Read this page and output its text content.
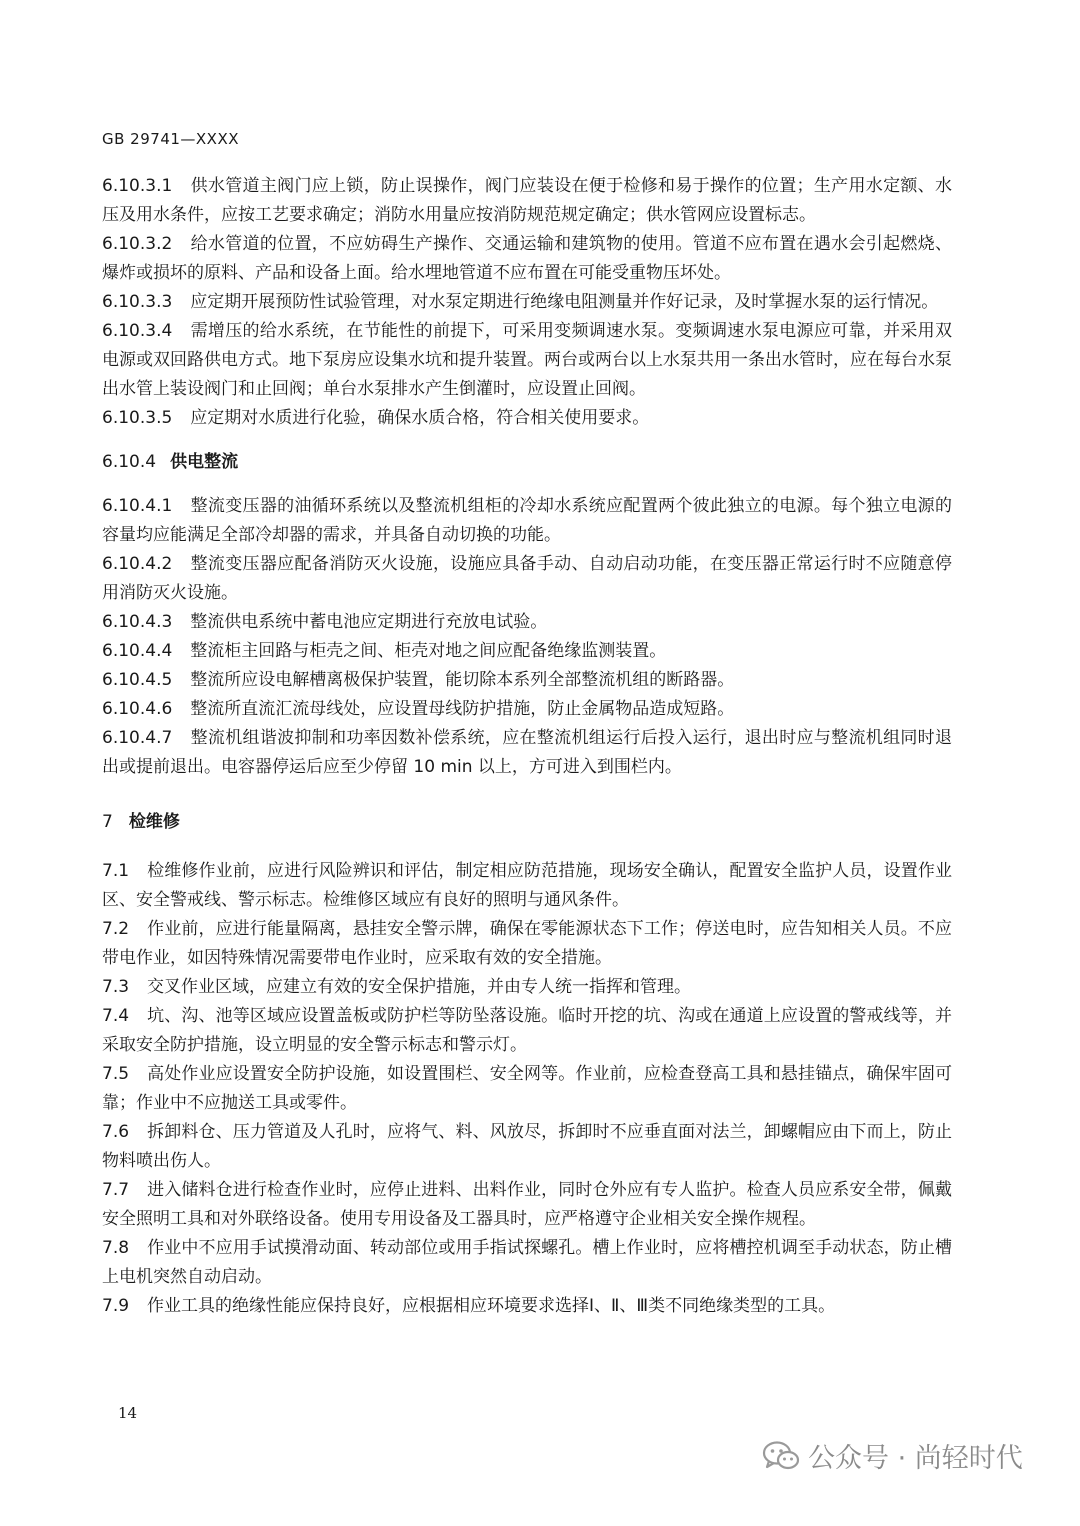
GB 29741—XXXX

6.10.3.1 供水管道主阀门应上锁，防止误操作，阀门应装设在便于检修和易于操作的位置；生产用水定额、水压及用水条件，应按工艺要求确定；消防水用量应按消防规范规定确定；供水管网应设置标志。

6.10.3.2 给水管道的位置，不应妨碍生产操作、交通运输和建筑物的使用。管道不应布置在遇水会引起燃烧、爆炸或损坏的原料、产品和设备上面。给水埋地管道不应布置在可能受重物压坏处。

6.10.3.3 应定期开展预防性试验管理，对水泵定期进行绝缘电阻测量并作好记录，及时掌握水泵的运行情况。

6.10.3.4 需增压的给水系统，在节能性的前提下，可采用变频调速水泵。变频调速水泵电源应可靠，并采用双电源或双回路供电方式。地下泵房应设集水坑和提升装置。两台或两台以上水泵共用一条出水管时，应在每台水泵出水管上装设阀门和止回阀；单台水泵排水产生倒灌时，应设置止回阀。

6.10.3.5 应定期对水质进行化验，确保水质合格，符合相关使用要求。

6.10.4 供电整流

6.10.4.1 整流变压器的油循环系统以及整流机组柜的冷却水系统应配置两个彼此独立的电源。每个独立电源的容量均应能满足全部冷却器的需求，并具备自动切换的功能。

6.10.4.2 整流变压器应配备消防灭火设施，设施应具备手动、自动启动功能，在变压器正常运行时不应随意停用消防灭火设施。

6.10.4.3 整流供电系统中蓄电池应定期进行充放电试验。

6.10.4.4 整流柜主回路与柜壳之间、柜壳对地之间应配备绝缘监测装置。

6.10.4.5 整流所应设电解槽离极保护装置，能切除本系列全部整流机组的断路器。

6.10.4.6 整流所直流汇流母线处，应设置母线防护措施，防止金属物品造成短路。

6.10.4.7 整流机组谐波抑制和功率因数补偿系统，应在整流机组运行后投入运行，退出时应与整流机组同时退出或提前退出。电容器停运后应至少停留 10 min 以上，方可进入到围栏内。

7 检维修

7.1 检维修作业前，应进行风险辨识和评估，制定相应防范措施，现场安全确认，配置安全监护人员，设置作业区、安全警戒线、警示标志。检维修区域应有良好的照明与通风条件。

7.2 作业前，应进行能量隔离，悬挂安全警示牌，确保在零能源状态下工作；停送电时，应告知相关人员。不应带电作业，如因特殊情况需要带电作业时，应采取有效的安全措施。

7.3 交叉作业区域，应建立有效的安全保护措施，并由专人统一指挥和管理。

7.4 坑、沟、池等区域应设置盖板或防护栏等防坠落设施。临时开挖的坑、沟或在通道上应设置的警戒线等，并采取安全防护措施，设立明显的安全警示标志和警示灯。

7.5 高处作业应设置安全防护设施，如设置围栏、安全网等。作业前，应检查登高工具和悬挂锚点，确保牢固可靠；作业中不应抛送工具或零件。

7.6 拆卸料仓、压力管道及人孔时，应将气、料、风放尽，拆卸时不应垂直面对法兰，卸螺帽应由下而上，防止物料喷出伤人。

7.7 进入储料仓进行检查作业时，应停止进料、出料作业，同时仓外应有专人监护。检查人员应系安全带，佩戴安全照明工具和对外联络设备。使用专用设备及工器具时，应严格遵守企业相关安全操作规程。

7.8 作业中不应用手试摸滑动面、转动部位或用手指试探螺孔。槽上作业时，应将槽控机调至手动状态，防止槽上电机突然自动启动。

7.9 作业工具的绝缘性能应保持良好，应根据相应环境要求选择Ⅰ、Ⅱ、Ⅲ类不同绝缘类型的工具。

14
公众号 · 尚轻时代
